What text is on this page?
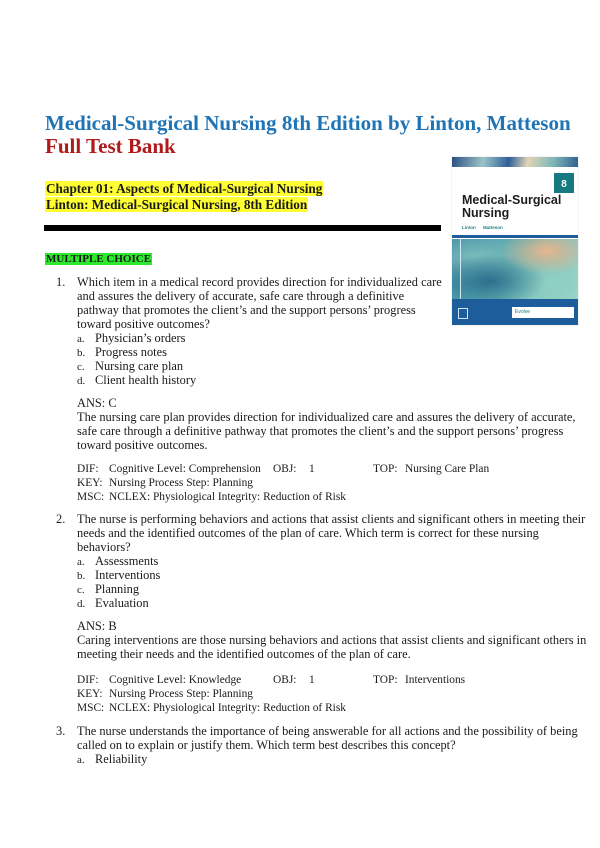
Medical-Surgical Nursing 8th Edition by Linton, Matteson
Full Test Bank
Chapter 01: Aspects of Medical-Surgical Nursing
Linton: Medical-Surgical Nursing, 8th Edition
MULTIPLE CHOICE
EDITION
8
Medical-Surgical
Nursing
Linton Matteson
Evolve
1. Which item in a medical record provides direction for individualized care
and assures the delivery of accurate, safe care through a definitive
pathway that promotes the client’s and the support persons’ progress
toward positive outcomes?
a. Physician’s orders
b. Progress notes
c. Nursing care plan
d. Client health history
ANS: C
The nursing care plan provides direction for individualized care and assures the delivery of accurate,
safe care through a definitive pathway that promotes the client’s and the support persons’ progress
toward positive outcomes.
DIF: Cognitive Level: Comprehension OBJ: 1	TOP: Nursing Care Plan
KEY: Nursing Process Step: Planning
MSC: NCLEX: Physiological Integrity: Reduction of Risk
2. The nurse is performing behaviors and actions that assist clients and significant others in meeting their
needs and the identified outcomes of the plan of care. Which term is correct for these nursing
behaviors?
a. Assessments
b. Interventions
c. Planning
d. Evaluation
ANS: B
Caring interventions are those nursing behaviors and actions that assist clients and significant others in
meeting their needs and the identified outcomes of the plan of care.
DIF: Cognitive Level: Knowledge	OBJ: 1	TOP: Interventions
KEY: Nursing Process Step: Planning
MSC: NCLEX: Physiological Integrity: Reduction of Risk
3. The nurse understands the importance of being answerable for all actions and the possibility of being
called on to explain or justify them. Which term best describes this concept?
a. Reliability
